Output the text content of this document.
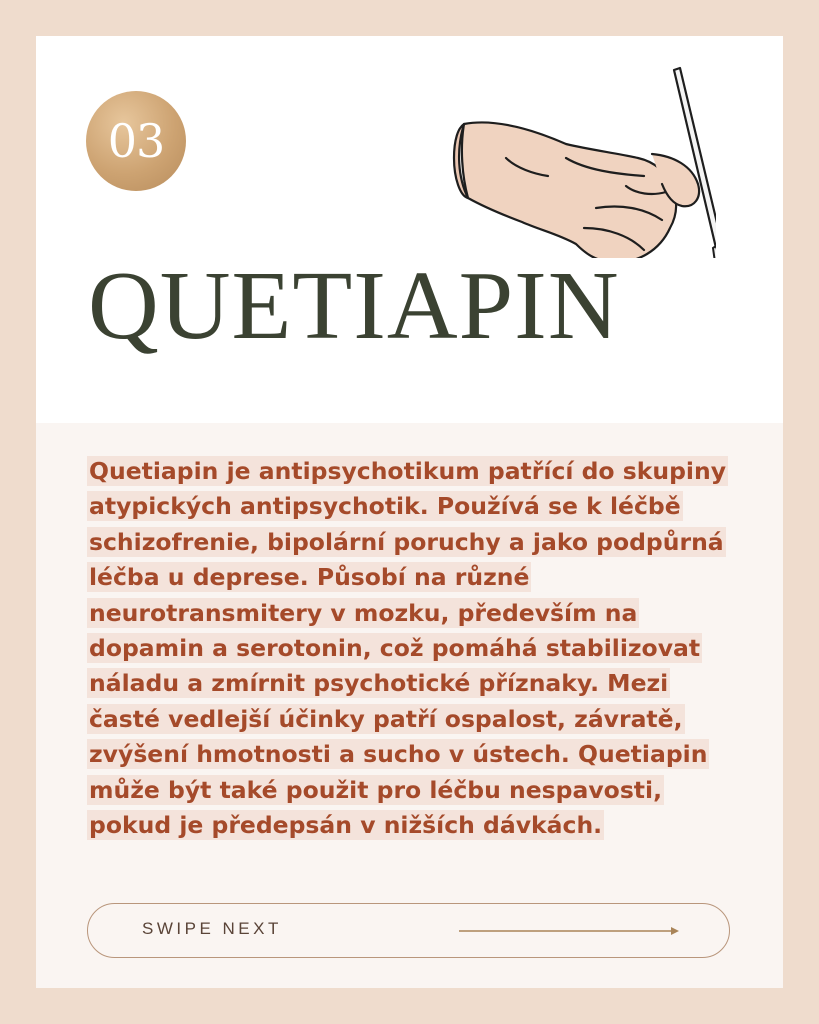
03
QUETIAPIN

Quetiapin je antipsychotikum patřící do skupiny atypických antipsychotik. Používá se k léčbě schizofrenie, bipolární poruchy a jako podpůrná léčba u deprese. Působí na různé neurotransmitery v mozku, především na dopamin a serotonin, což pomáhá stabilizovat náladu a zmírnit psychotické příznaky. Mezi časté vedlejší účinky patří ospalost, závratě, zvýšení hmotnosti a sucho v ústech. Quetiapin může být také použit pro léčbu nespavosti, pokud je předepsán v nižších dávkách.

SWIPE NEXT
